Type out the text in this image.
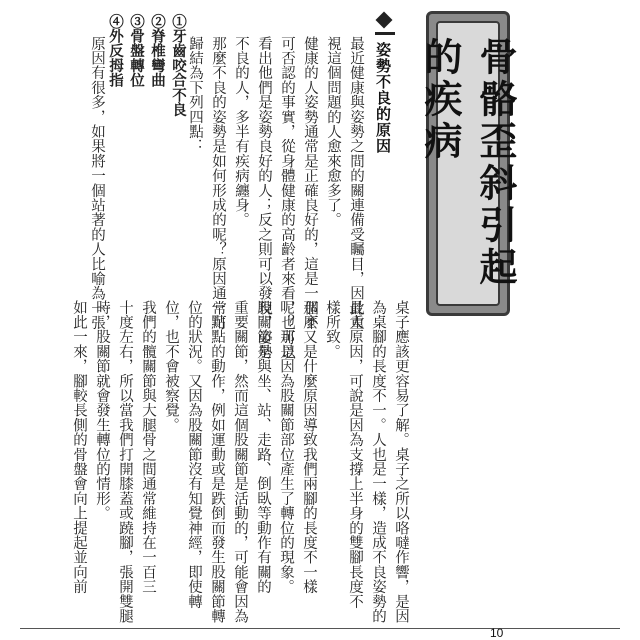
骨骼歪斜引起的疾病
姿勢不良的原因
最近健康與姿勢之間的關連備受矚目，因此重
視這個問題的人愈來愈多了。
健康的人姿勢通常是正確良好的，這是一個不
可否認的事實，從身體健康的高齡者來看，也可以
看出他們是姿勢良好的人；反之則可以發現，姿勢
不良的人，多半有疾病纏身。
那麼不良的姿勢是如何形成的呢？原因通常可
歸結為下列四點：
①牙齒咬合不良
②脊椎彎曲
③骨盤轉位
④外反拇指
原因有很多，如果將一個站著的人比喻為一張
桌子應該更容易了解。桌子之所以咯噠作響，是因
為桌腳的長度不一。人也是一樣，造成不良姿勢的
最大原因，可說是因為支撐上半身的雙腳長度不
樣所致。
那麼又是什麼原因導致我們兩腳的長度不一樣
呢？那是因為股關節部位產生了轉位的現象。
股關節是與坐、站、走路、倒臥等動作有關的
重要關節，然而這個股關節是活動的，可能會因為
一點點的動作，例如運動或是跌倒而發生股關節轉
位的狀況。又因為股關節沒有知覺神經，即使轉
位，也不會被察覺。
我們的髖關節與大腿骨之間通常維持在一百三
十度左右，所以當我們打開膝蓋或蹺腳，張開雙腿
時，股關節就會發生轉位的情形。
如此一來，腳較長側的骨盤會向上提起並向前
10
